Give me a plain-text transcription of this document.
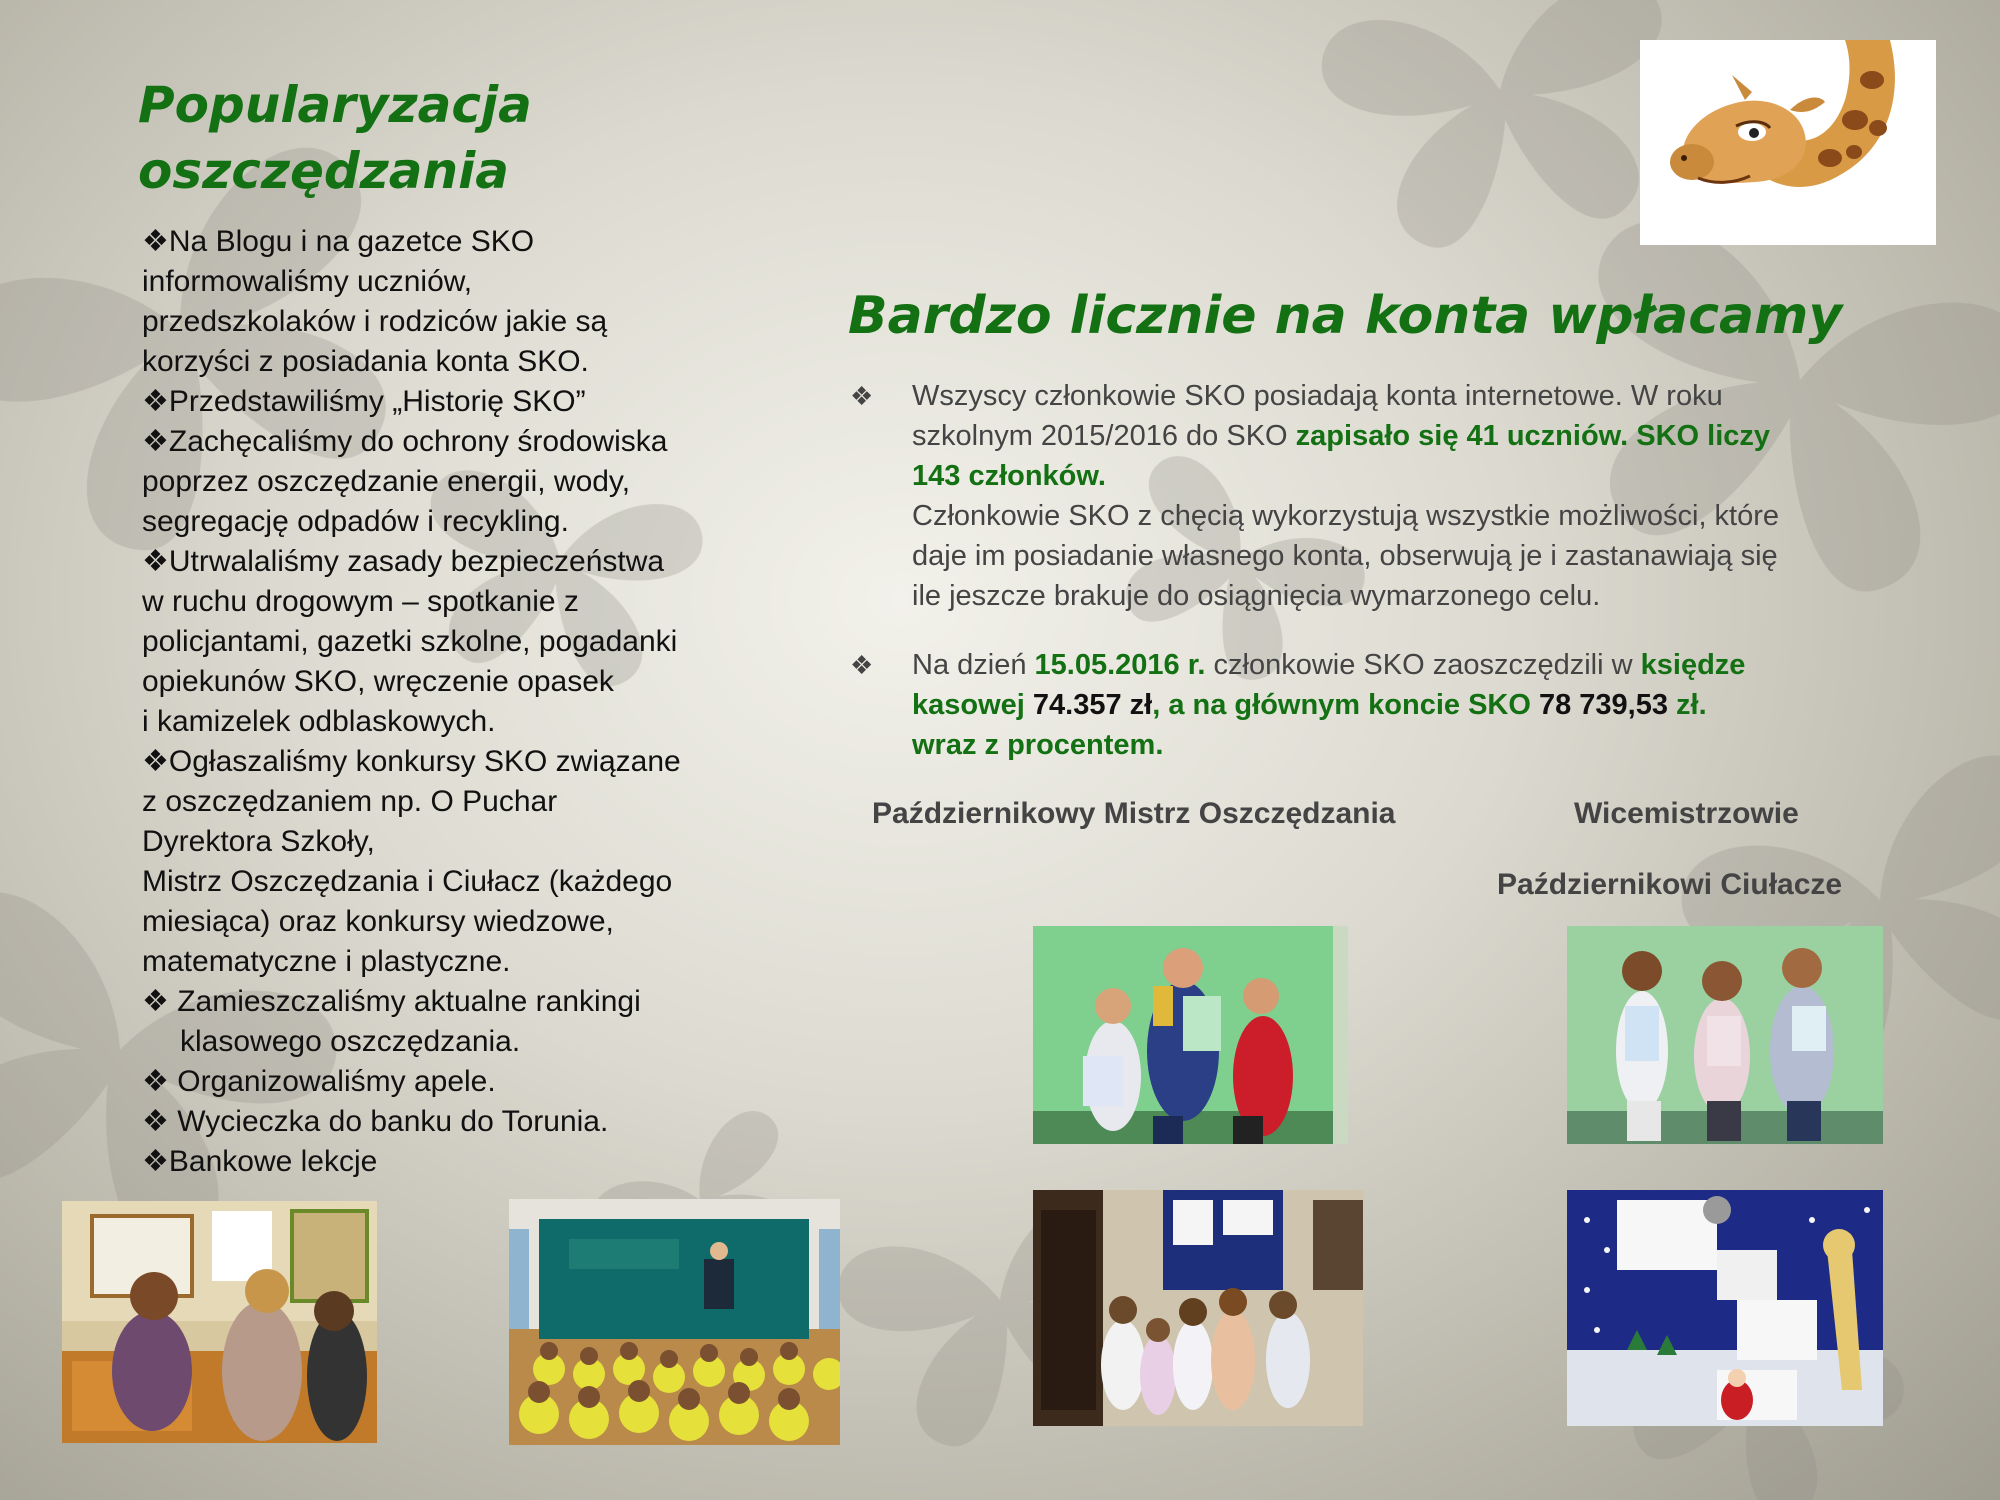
Popularyzacja
oszczędzania
❖Na Blogu i na gazetce SKO
informowaliśmy uczniów,
przedszkolaków i rodziców jakie są
korzyści z posiadania konta SKO.
❖Przedstawiliśmy „Historię SKO”
❖Zachęcaliśmy do ochrony środowiska
poprzez oszczędzanie energii, wody,
segregację odpadów i recykling.
❖Utrwalaliśmy zasady bezpieczeństwa
w ruchu drogowym – spotkanie z
policjantami, gazetki szkolne, pogadanki
opiekunów SKO, wręczenie opasek
i kamizelek odblaskowych.
❖Ogłaszaliśmy konkursy SKO związane
z oszczędzaniem np. O Puchar
Dyrektora Szkoły,
Mistrz Oszczędzania i Ciułacz (każdego
miesiąca) oraz konkursy wiedzowe,
matematyczne i plastyczne.
❖ Zamieszczaliśmy aktualne rankingi
klasowego oszczędzania.
❖ Organizowaliśmy apele.
❖ Wycieczka do banku do Torunia.
❖Bankowe lekcje
Bardzo licznie na konta wpłacamy
❖ Wszyscy członkowie SKO posiadają konta internetowe. W roku
szkolnym 2015/2016 do SKO zapisało się 41 uczniów. SKO liczy
143 członków.
Członkowie SKO z chęcią wykorzystują wszystkie możliwości, które
daje im posiadanie własnego konta, obserwują je i zastanawiają się
ile jeszcze brakuje do osiągnięcia wymarzonego celu.
❖ Na dzień 15.05.2016 r. członkowie SKO zaoszczędzili w księdze
kasowej 74.357 zł, a na głównym koncie SKO 78 739,53 zł.
wraz z procentem.
Październikowy Mistrz Oszczędzania	Wicemistrzowie
Październikowi Ciułacze
